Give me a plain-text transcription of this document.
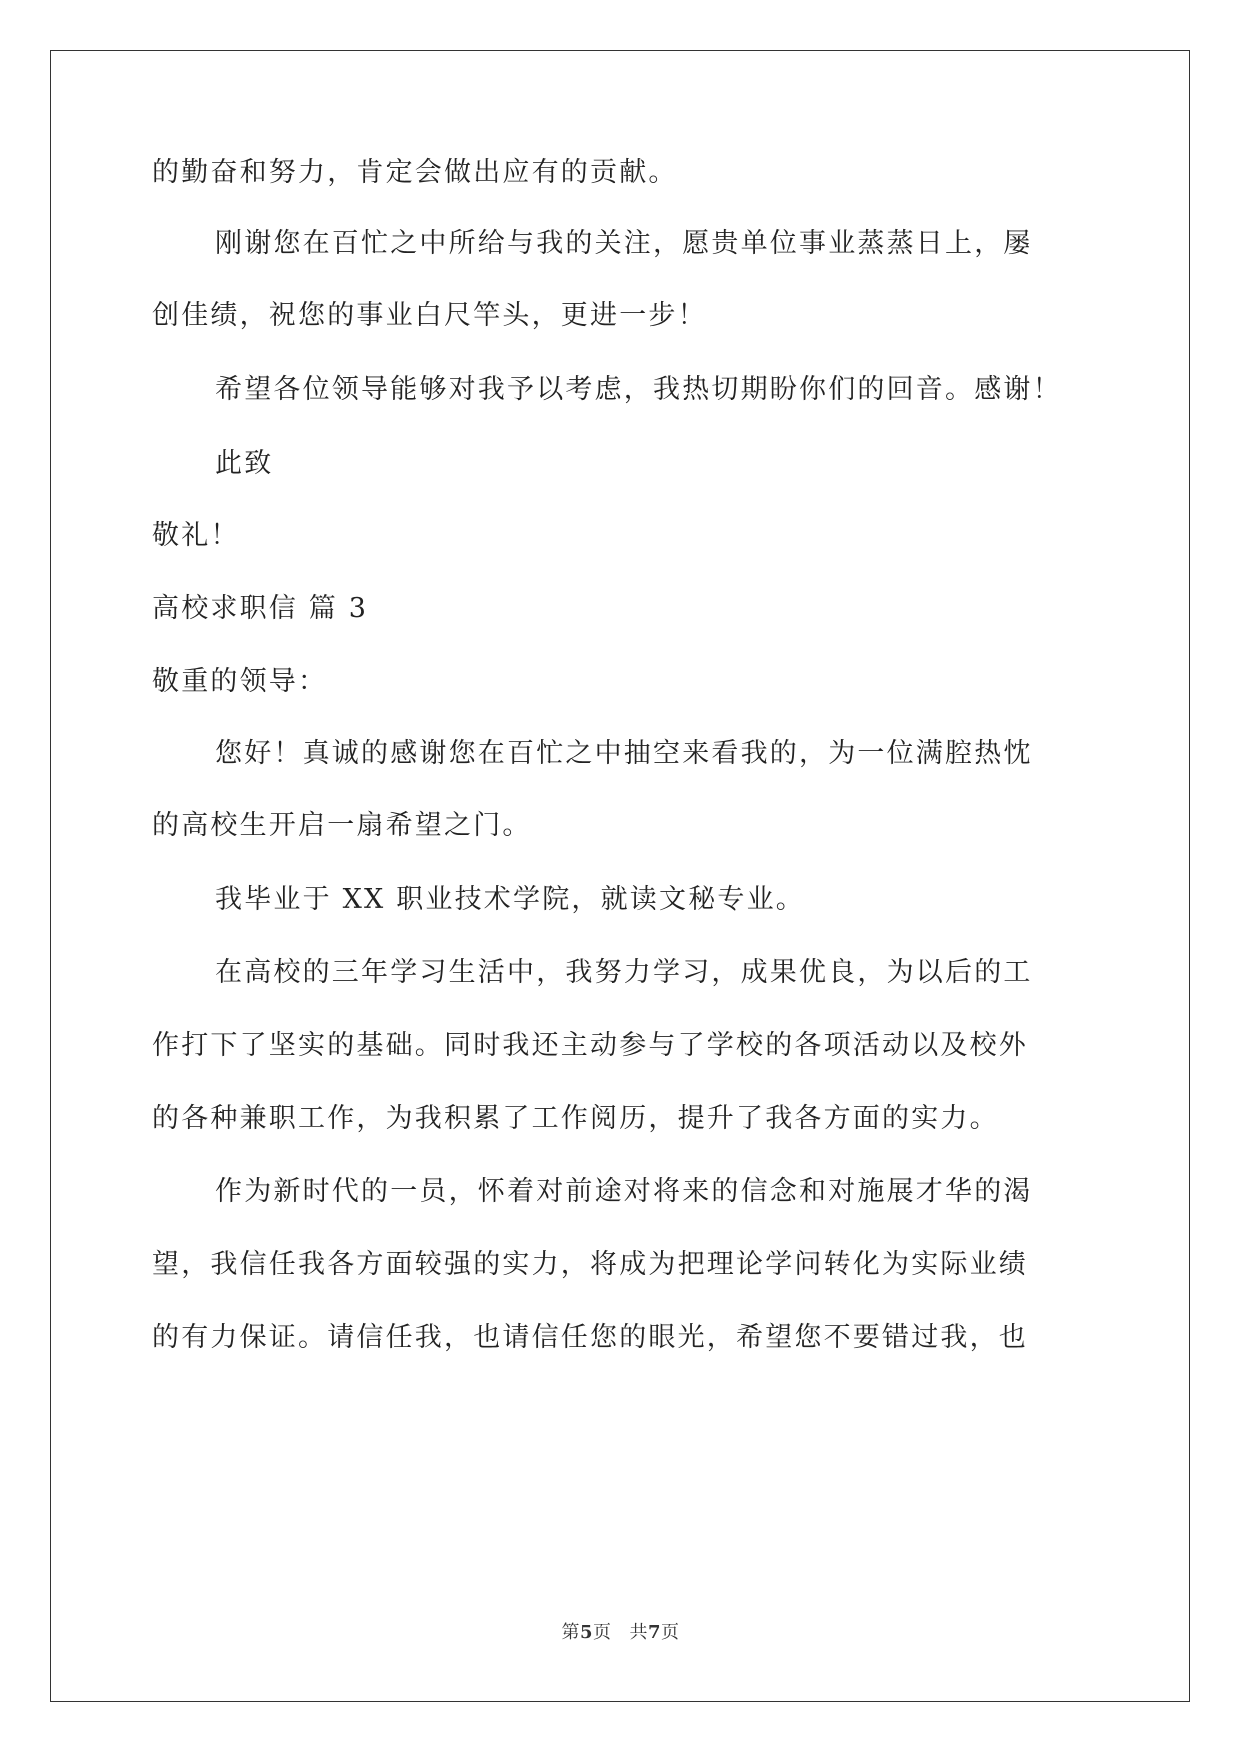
的勤奋和努力，肯定会做出应有的贡献。
刚谢您在百忙之中所给与我的关注，愿贵单位事业蒸蒸日上，屡
创佳绩，祝您的事业白尺竿头，更进一步！
希望各位领导能够对我予以考虑，我热切期盼你们的回音。感谢！
此致
敬礼！
高校求职信 篇 3
敬重的领导：
您好！真诚的感谢您在百忙之中抽空来看我的，为一位满腔热忱
的高校生开启一扇希望之门。
我毕业于 XX 职业技术学院，就读文秘专业。
在高校的三年学习生活中，我努力学习，成果优良，为以后的工
作打下了坚实的基础。同时我还主动参与了学校的各项活动以及校外
的各种兼职工作，为我积累了工作阅历，提升了我各方面的实力。
作为新时代的一员，怀着对前途对将来的信念和对施展才华的渴
望，我信任我各方面较强的实力，将成为把理论学问转化为实际业绩
的有力保证。请信任我，也请信任您的眼光，希望您不要错过我，也
第5页 共7页
